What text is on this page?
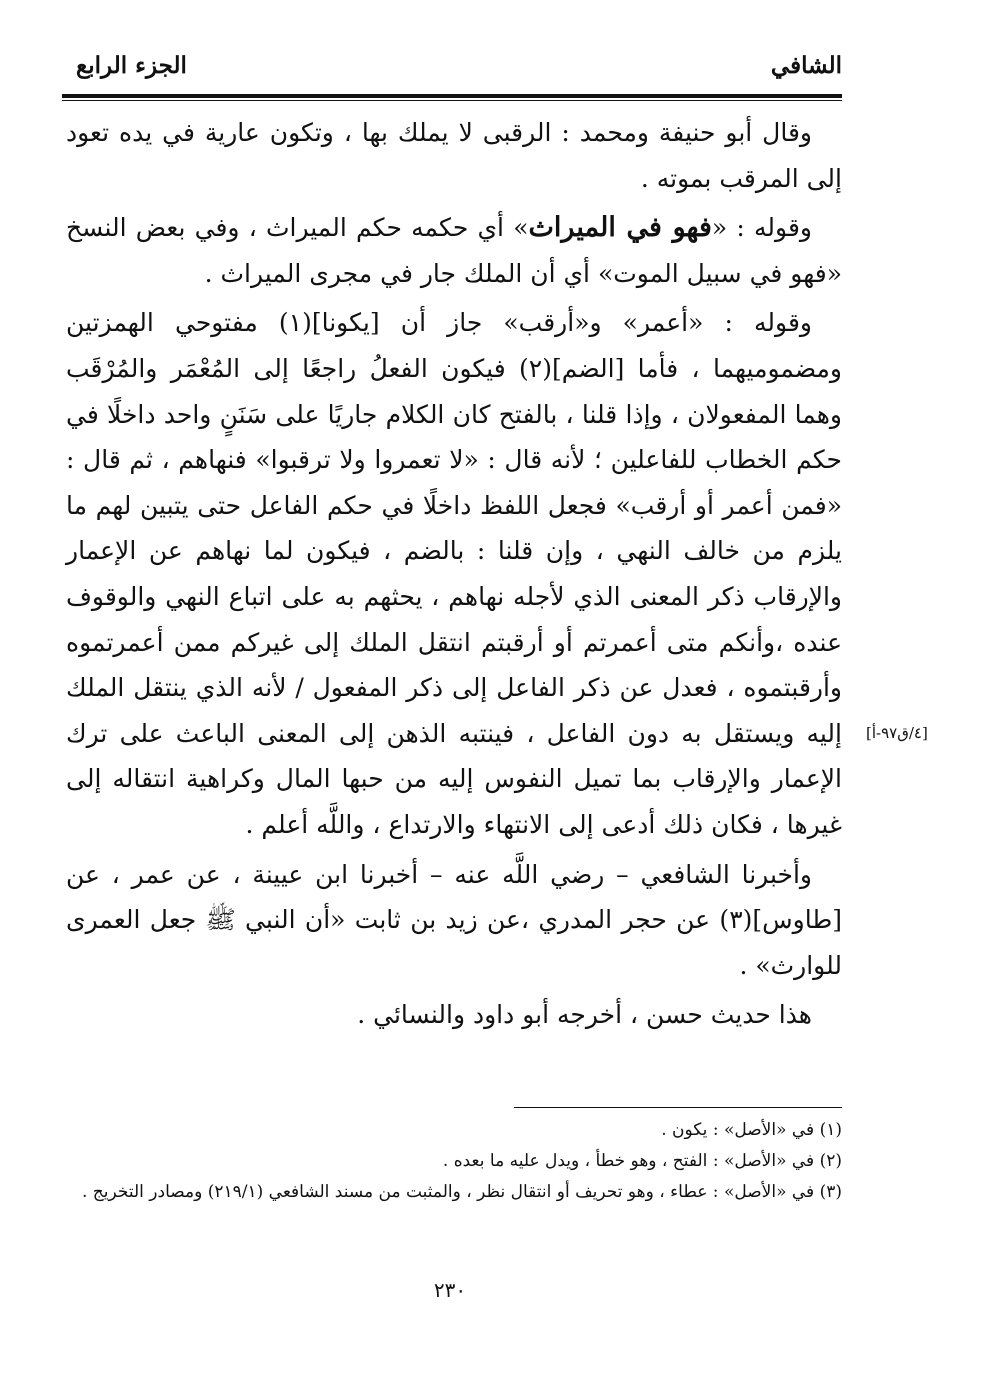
الشافي
الجزء الرابع

وقال أبو حنيفة ومحمد : الرقبى لا يملك بها ، وتكون عارية في يده تعود إلى المرقب بموته .

وقوله : «فهو في الميراث» أي حكمه حكم الميراث ، وفي بعض النسخ «فهو في سبيل الموت» أي أن الملك جار في مجرى الميراث .

وقوله : «أعمر» و«أرقب» جاز أن [يكونا](١) مفتوحي الهمزتين ومضموميهما ، فأما [الضم](٢) فيكون الفعلُ راجعًا إلى المُعْمَر والمُرْقَب وهما المفعولان ، وإذا قلنا ، بالفتح كان الكلام جاريًا على سَنَنٍ واحد داخلًا في حكم الخطاب للفاعلين ؛ لأنه قال : «لا تعمروا ولا ترقبوا» فنهاهم ، ثم قال : «فمن أعمر أو أرقب» فجعل اللفظ داخلًا في حكم الفاعل حتى يتبين لهم ما يلزم من خالف النهي ، وإن قلنا : بالضم ، فيكون لما نهاهم عن الإعمار والإرقاب ذكر المعنى الذي لأجله نهاهم ، يحثهم به على اتباع النهي والوقوف عنده ،وأنكم متى أعمرتم أو أرقبتم انتقل الملك إلى غيركم ممن أعمرتموه وأرقبتموه ، فعدل عن ذكر الفاعل إلى ذكر المفعول / لأنه الذي ينتقل الملك إليه ويستقل به دون الفاعل ، فينتبه الذهن إلى المعنى الباعث على ترك الإعمار والإرقاب بما تميل النفوس إليه من حبها المال وكراهية انتقاله إلى غيرها ، فكان ذلك أدعى إلى الانتهاء والارتداع ، واللَّه أعلم .

وأخبرنا الشافعي – رضي اللَّه عنه – أخبرنا ابن عيينة ، عن عمر ، عن [طاوس](٣) عن حجر المدري ،عن زيد بن ثابت «أن النبي ﷺ جعل العمرى للوارث» .

هذا حديث حسن ، أخرجه أبو داود والنسائي .

[٤/ق٩٧-أ]
(١) في «الأصل» : يكون .
(٢) في «الأصل» : الفتح ، وهو خطأ ، ويدل عليه ما بعده .
(٣) في «الأصل» : عطاء ، وهو تحريف أو انتقال نظر ، والمثبت من مسند الشافعي (٢١٩/١) ومصادر التخريج .
٢٣٠
